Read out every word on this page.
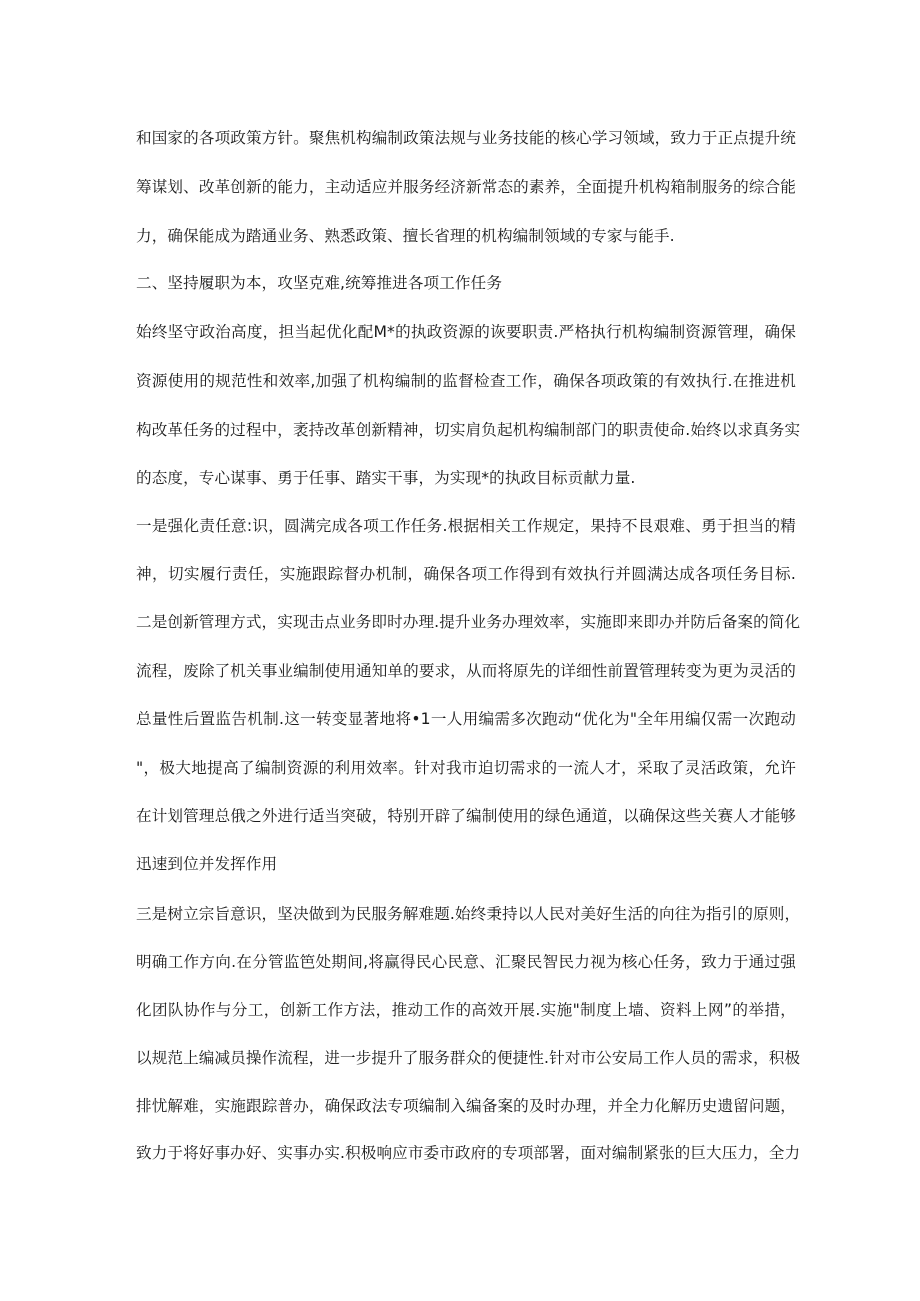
和国家的各项政策方针。聚焦机构编制政策法规与业务技能的核心学习领域，致力于正点提升统
筹谋划、改革创新的能力，主动适应并服务经济新常态的素养，全面提升机构箱制服务的综合能
力，确保能成为踏通业务、熟悉政策、擅长省理的机构编制领域的专家与能手.
二、坚持履职为本，攻坚克难,统筹推进各项工作任务
始终坚守政治高度，担当起优化配M*的执政资源的诙要职责.严格执行机构编制资源管理，确保
资源使用的规范性和效率,加强了机构编制的监督检查工作，确保各项政策的有效执行.在推进机
构改革任务的过程中，袤持改革创新精神，切实肩负起机构编制部门的职责使命.始终以求真务实
的态度，专心谋事、勇于任事、踏实干事，为实现*的执政目标贡献力量.
一是强化责任意:识，圆满完成各项工作任务.根据相关工作规定，果持不艮艰难、勇于担当的精
神，切实履行责任，实施跟踪督办机制，确保各项工作得到有效执行并圆满达成各项任务目标.
二是创新管理方式，实现击点业务即时办理.提升业务办理效率，实施即来即办并防后备案的简化
流程，废除了机关事业编制使用通知单的要求，从而将原先的详细性前置管理转变为更为灵活的
总量性后置监告机制.这一转变显著地将•1一人用编需多次跑动“优化为"全年用编仅需一次跑动
"，极大地提高了编制资源的利用效率。针对我市迫切需求的一流人才，采取了灵活政策，允许
在计划管理总俄之外进行适当突破，特别开辟了编制使用的绿色通道，以确保这些关赛人才能够
迅速到位并发挥作用
三是树立宗旨意识，坚决做到为民服务解难题.始终秉持以人民对美好生活的向往为指引的原则，
明确工作方向.在分管监笆处期间,将赢得民心民意、汇聚民智民力视为核心任务，致力于通过强
化团队协作与分工，创新工作方法，推动工作的高效开展.实施"制度上墙、资料上网”的举措，
以规范上编减员操作流程，进一步提升了服务群众的便捷性.针对市公安局工作人员的需求，积极
排忧解难，实施跟踪普办，确保政法专项编制入编备案的及时办理，并全力化解历史遗留问题，
致力于将好事办好、实事办实.积极响应市委市政府的专项部署，面对编制紧张的巨大压力，全力
